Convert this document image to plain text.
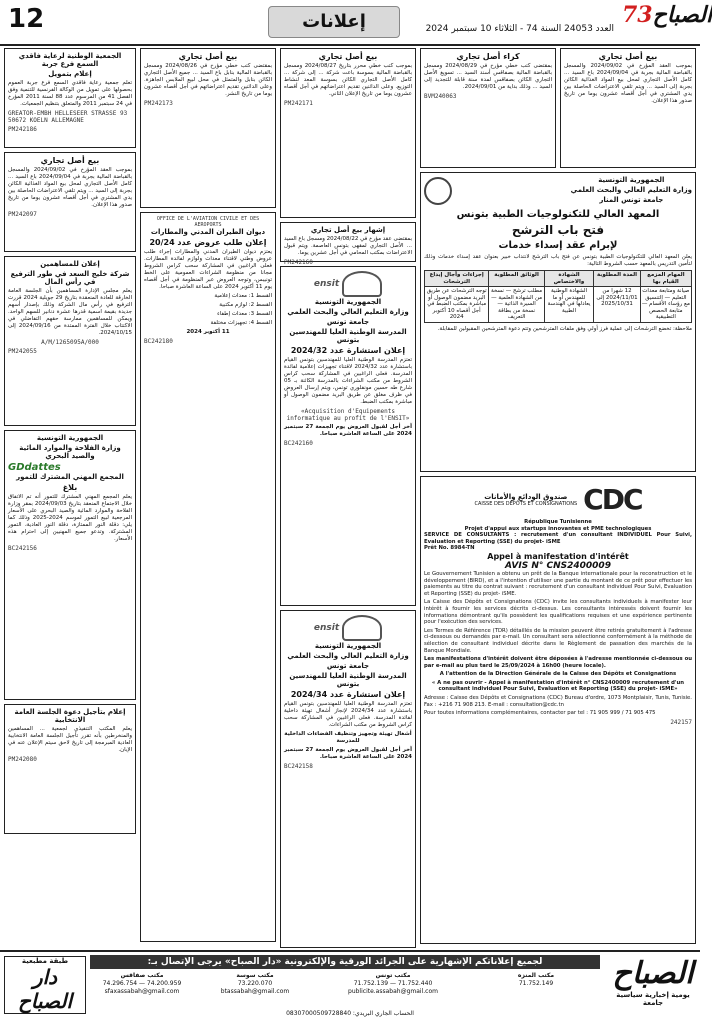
12	إعلانات	الصباح73
العدد 24053 السنة 74 - الثلاثاء 10 سبتمبر 2024
الجمعية الوطنية لرعاية فاقدي السمع فرع جربة
إعلام بتمويل

تعلم جمعية رعاية فاقدي السمع فرع جربة العموم بحصولها على تمويل من الوكالة الفرنسية للتنمية وفق الفصل 41 من المرسوم عدد 88 لسنة 2011 المؤرخ في 24 سبتمبر 2011 والمتعلق بتنظيم الجمعيات.

GREATOR-EMBH HELLESEER STRASSE 93 50672 KOELN ALLEMAGNE

PM242186

بيع أصل تجاري

بموجب العقد المؤرخ في 2024/09/02 والمسجل بالقباضة المالية بجربة في 2024/09/04 باع السيد ... كامل الأصل التجاري لمحل بيع المواد الغذائية الكائن بجربة إلى السيد ... ويتم تلقي الاعتراضات الحاصلة بين يدي المشتري في أجل أقصاه عشرون يوما من تاريخ صدور هذا الإعلان.

PM242097

إعلان للمساهمين
شركة خليج السعد في طور الترفيع في رأس المال

يعلم مجلس الإدارة المساهمين بأن الجلسة العامة الخارقة للعادة المنعقدة بتاريخ 29 جويلية 2024 قررت الترفيع في رأس مال الشركة وذلك بإصدار أسهم جديدة بقيمة اسمية قدرها عشرة دنانير للسهم الواحد. ويمكن للمساهمين ممارسة حقهم التفاضلي في الاكتتاب خلال الفترة الممتدة من 2024/09/16 إلى 2024/10/15.

A/M/1265095A/000

PM242055

الجمهورية التونسية
وزارة الفلاحة والموارد المائية والصيد البحري
GDdattes
المجمع المهني المشترك للتمور
بلاغ

يعلم المجمع المهني المشترك للتمور أنه تم الاتفاق خلال الاجتماع المنعقد بتاريخ 2024/09/03 بمقر وزارة الفلاحة والموارد المائية والصيد البحري على الأسعار المرجعية لبيع التمور لموسم 2024-2025 وذلك كما يلي: دقلة النور الممتازة، دقلة النور العادية، التمور المشتركة. وتدعو جميع المهنيين إلى احترام هذه الأسعار.

BC242156

إعلام بتأجيل دعوة الجلسة العامة الانتخابية

يعلم المكتب التنفيذي لجمعية ... المساهمين والمنخرطين بأنه تقرر تأجيل الجلسة العامة الانتخابية العادية المبرمجة إلى تاريخ لاحق سيتم الإعلان عنه في الإبان.

PM242080

بيع أصل تجاري

بمقتضى كتب خطي مؤرخ في 2024/08/26 ومسجل بالقباضة المالية بنابل باع السيد ... جميع الأصل التجاري الكائن بنابل والمتمثل في محل لبيع الملابس الجاهزة. وعلى الدائنين تقديم اعتراضاتهم في أجل أقصاه عشرون يوما من تاريخ النشر.

PM242173

OFFICE DE L'AVIATION CIVILE ET DES AEROPORTS
ديوان الطيران المدني والمطارات
إعلان طلب عروض عدد 20/24

يعتزم ديوان الطيران المدني والمطارات إجراء طلب عروض وطني لاقتناء معدات ولوازم لفائدة المطارات. فعلى الراغبين في المشاركة سحب كراس الشروط مجانا من منظومة الشراءات العمومية على الخط تونيبس، وتوجه العروض عبر المنظومة في أجل أقصاه يوم 11 أكتوبر 2024 على الساعة العاشرة صباحا.

القسط 1: معدات إعلامية

القسط 2: لوازم مكتبية

القسط 3: معدات إطفاء

القسط 4: تجهيزات مختلفة

11 أكتوبر 2024

BC242180

بيع أصل تجاري

بموجب كتب خطي محرر بتاريخ 2024/08/27 ومسجل بالقباضة المالية بسوسة باعت شركة ... إلى شركة ... كامل الأصل التجاري الكائن بسوسة المعد لنشاط التوزيع. وعلى الدائنين تقديم اعتراضاتهم في أجل أقصاه عشرون يوما من تاريخ الإعلان الثاني.

PM242171

إشهار بيع أصل تجاري

بمقتضى عقد مؤرخ في 2024/08/22 ومسجل باع السيد ... الأصل التجاري لمقهى بتونس العاصمة. ويتم قبول الاعتراضات بمكتب المحامي في أجل عشرين يوما.

PM242160

ensit
الجمهورية التونسية
وزارة التعليم العالي والبحث العلمي
جامعة تونس
المدرسة الوطنية العليا للمهندسين بتونس
إعلان استشارة عدد 2024/32

تعتزم المدرسة الوطنية العليا للمهندسين بتونس القيام باستشارة عدد 2024/32 لاقتناء تجهيزات إعلامية لفائدة المدرسة. فعلى الراغبين في المشاركة سحب كراس الشروط من مكتب الشراءات بالمدرسة الكائنة بـ 05 شارع طه حسين مونفلوري تونس، ويتم إرسال العروض في ظرف مغلق عن طريق البريد مضمون الوصول أو مباشرة بمكتب الضبط.

«Acquisition d'Equipements informatique au profit de l'ENSIT»

آخر أجل لقبول العروض يوم الجمعة 27 سبتمبر 2024 على الساعة العاشرة صباحا.

BC242160

ensit
الجمهورية التونسية
وزارة التعليم العالي والبحث العلمي
جامعة تونس
المدرسة الوطنية العليا للمهندسين بتونس
إعلان استشارة عدد 2024/34

تعتزم المدرسة الوطنية العليا للمهندسين بتونس القيام باستشارة عدد 2024/34 لإنجاز أشغال تهيئة داخلية لفائدة المدرسة. فعلى الراغبين في المشاركة سحب كراس الشروط من مكتب الشراءات.

أشغال تهيئة وتجهيز وتنظيف الفضاءات الداخلية للمدرسة

آخر أجل لقبول العروض يوم الجمعة 27 سبتمبر 2024 على الساعة العاشرة صباحا.

BC242158

بيع أصل تجاري

بموجب العقد المؤرخ في 2024/09/02 والمسجل بالقباضة المالية بجربة في 2024/09/04 باع السيد ... كامل الأصل التجاري لمحل بيع المواد الغذائية الكائن بجربة إلى السيد ... ويتم تلقي الاعتراضات الحاصلة بين يدي المشتري في أجل أقصاه عشرون يوما من تاريخ صدور هذا الإعلان.

كراء أصل تجاري

بمقتضى كتب خطي مؤرخ في 2024/08/29 ومسجل بالقباضة المالية بصفاقس أسند السيد ... تسويغ الأصل التجاري الكائن بصفاقس لمدة سنة قابلة للتجديد إلى السيد ... وذلك بداية من 2024/09/01.

BVM240063

الجمهورية التونسية
وزارة التعليم العالي والبحث العلمي
جامعة تونس المنار
المعهد العالي للتكنولوجيات الطبية بتونس
فتح باب الترشح
لإبرام عقد إسداء خدمات

يعلن المعهد العالي للتكنولوجيات الطبية بتونس عن فتح باب الترشح لانتداب خبير بعنوان عقد إسداء خدمات وذلك لتأمين التدريس بالمعهد حسب الشروط التالية:

المهام المزمع القيام بها	المدة المطلوبة	الشهادة والاختصاص	الوثائق المطلوبة	إجراءات وآجال إيداع الترشحات
صيانة ومتابعة معدات التعليم — التنسيق مع رؤساء الأقسام — متابعة الحصص التطبيقية	12 شهرا من 2024/11/01 إلى 2025/10/31	الشهادة الوطنية للمهندس أو ما يعادلها في الهندسة الطبية	مطلب ترشح — نسخة من الشهادة العلمية — السيرة الذاتية — نسخة من بطاقة التعريف	توجه الترشحات عن طريق البريد مضمون الوصول أو مباشرة بمكتب الضبط في أجل أقصاه 10 أكتوبر 2024

ملاحظة: تخضع الترشحات إلى عملية فرز أولي وفق ملفات المترشحين وتتم دعوة المترشحين المقبولين للمقابلة.

CDC
صندوق الودائع والأمانات
CAISSE DES DÉPÔTS ET CONSIGNATIONS
République Tunisienne
Projet d'appui aux startups innovantes et PME technologiques
SERVICE DE CONSULTANTS : recrutement d'un consultant INDIVIDUEL Pour Suivi, Evaluation et Reporting (SSE) du projet- iSME
Prêt No. 8984-TN
Appel à manifestation d'intérêt
AVIS N° CNS2400009

Le Gouvernement Tunisien a obtenu un prêt de la Banque internationale pour la reconstruction et le développement (BIRD), et a l'intention d'utiliser une partie du montant de ce prêt pour effectuer les paiements au titre du contrat suivant : recrutement d'un consultant individuel Pour Suivi, Evaluation et Reporting (SSE) du projet- iSME.

La Caisse des Dépôts et Consignations (CDC) invite les consultants individuels à manifester leur intérêt à fournir les services décrits ci-dessus. Les consultants intéressés doivent fournir les informations démontrant qu'ils possèdent les qualifications requises et une expérience pertinente pour l'exécution des services.

Les Termes de Référence (TDR) détaillés de la mission peuvent être retirés gratuitement à l'adresse ci-dessous ou demandés par e-mail. Un consultant sera sélectionné conformément à la méthode de sélection de consultant individuel décrite dans le Règlement de passation des marchés de la Banque Mondiale.

Les manifestations d'intérêt doivent être déposées à l'adresse mentionnée ci-dessous ou par e-mail au plus tard le 25/09/2024 à 16h00 (heure locale).

A l'attention de la Direction Générale de la Caisse des Dépôts et Consignations

« A ne pas ouvrir - Appel à manifestation d'intérêt n° CNS2400009 recrutement d'un consultant individuel Pour Suivi, Evaluation et Reporting (SSE) du projet- iSME»

Adresse : Caisse des Dépôts et Consignations (CDC) Bureau d'ordre, 1073 Montplaisir, Tunis, Tunisie. Fax : +216 71 908 213. E-mail : consultation@cdc.tn

Pour toutes informations complémentaires, contacter par tel : 71 905 999 / 71 905 475

242157

لجميع إعلاناتكم الإشهارية على الجرائد الورقية والإلكترونية «دار الصباح» يرجى الإتصال بـ:
طبقة مطبعية
دار الصباح
مكتب صفاقس
74.200.959 — 74.296.754
sfaxassabah@gmail.com
مكتب سوسة
73.220.070
btassabah@gmail.com
مكتب تونس
71.752.440 — 71.752.139
publicite.assabah@gmail.com
مكتب المنزه
71.752.149
الحساب الجاري البريدي: 08307000509728840
الصباح
يومية إخبارية سياسية جامعة
